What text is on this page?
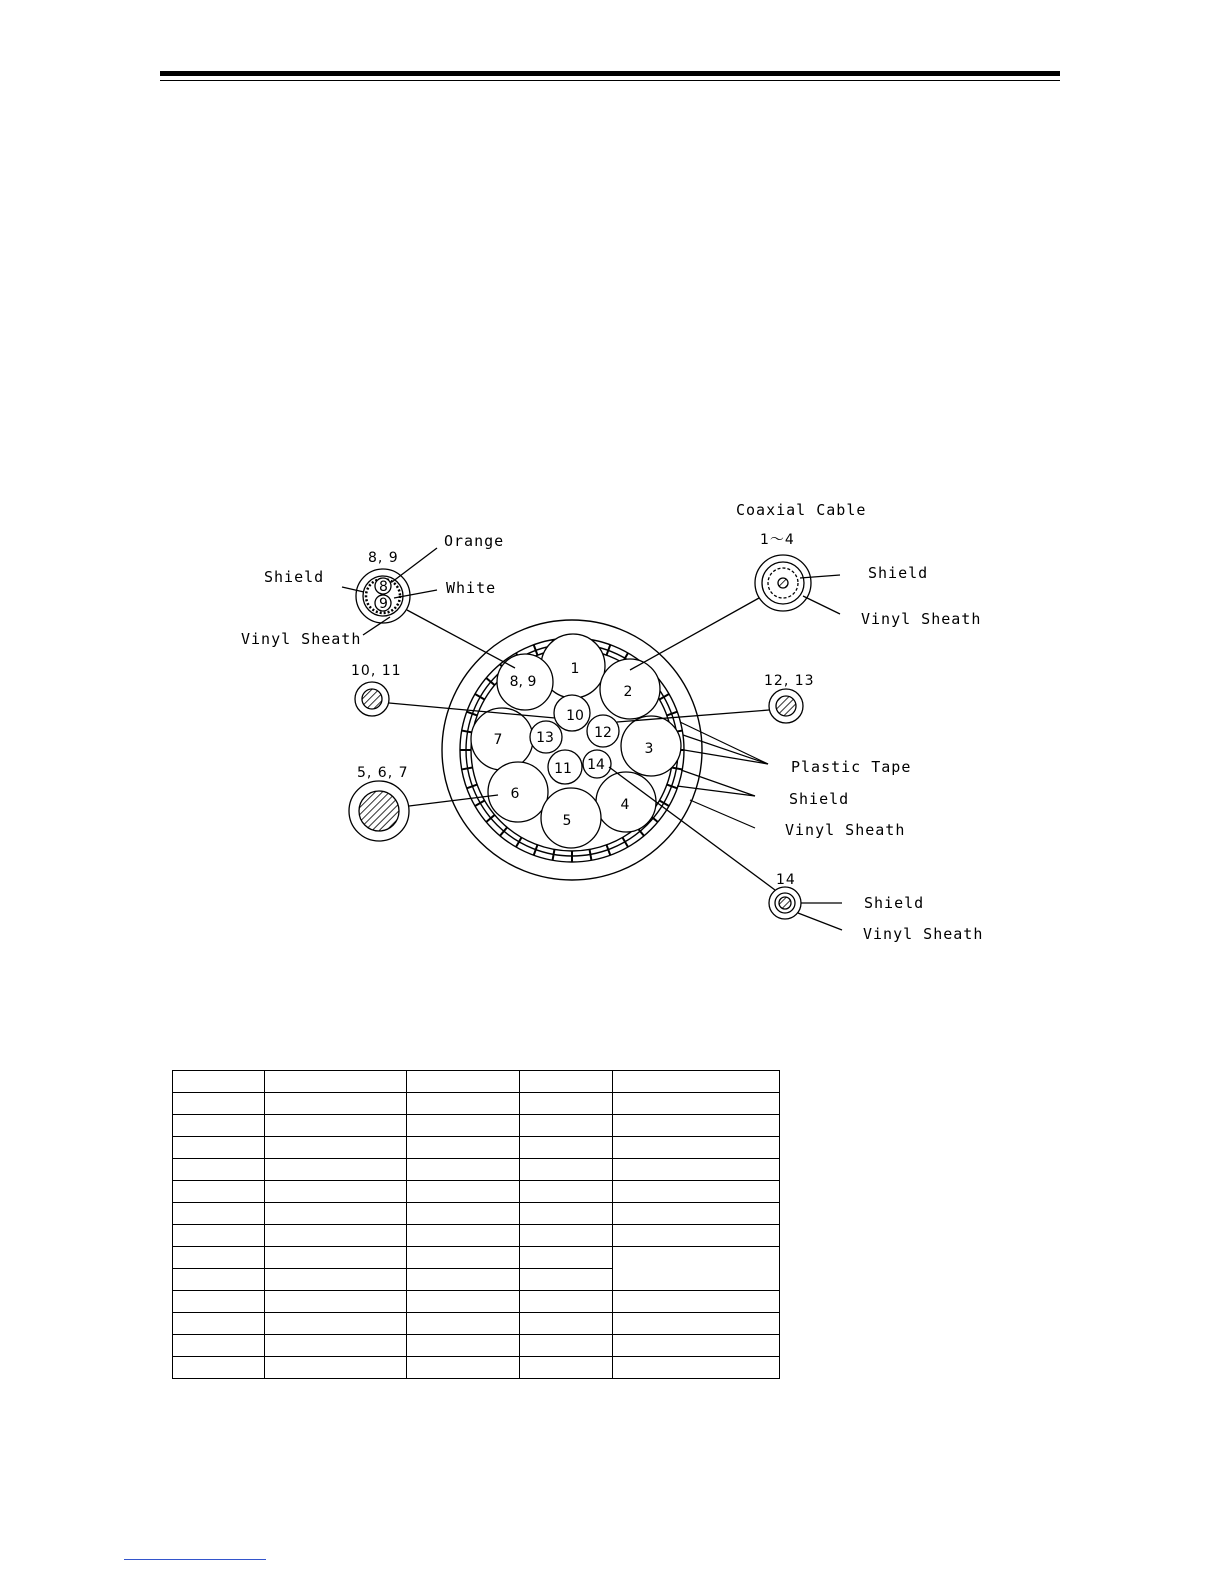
1
2
8, 9
7
3
6
4
5
10
13	12
11 14
Coaxial Cable
1～4
Shield
Vinyl Sheath
8, 9
Orange
White
Shield
Vinyl Sheath
8
9
10, 11
12, 13
5, 6, 7
14
Shield
Vinyl Sheath
Plastic Tape
Shield
Vinyl Sheath
